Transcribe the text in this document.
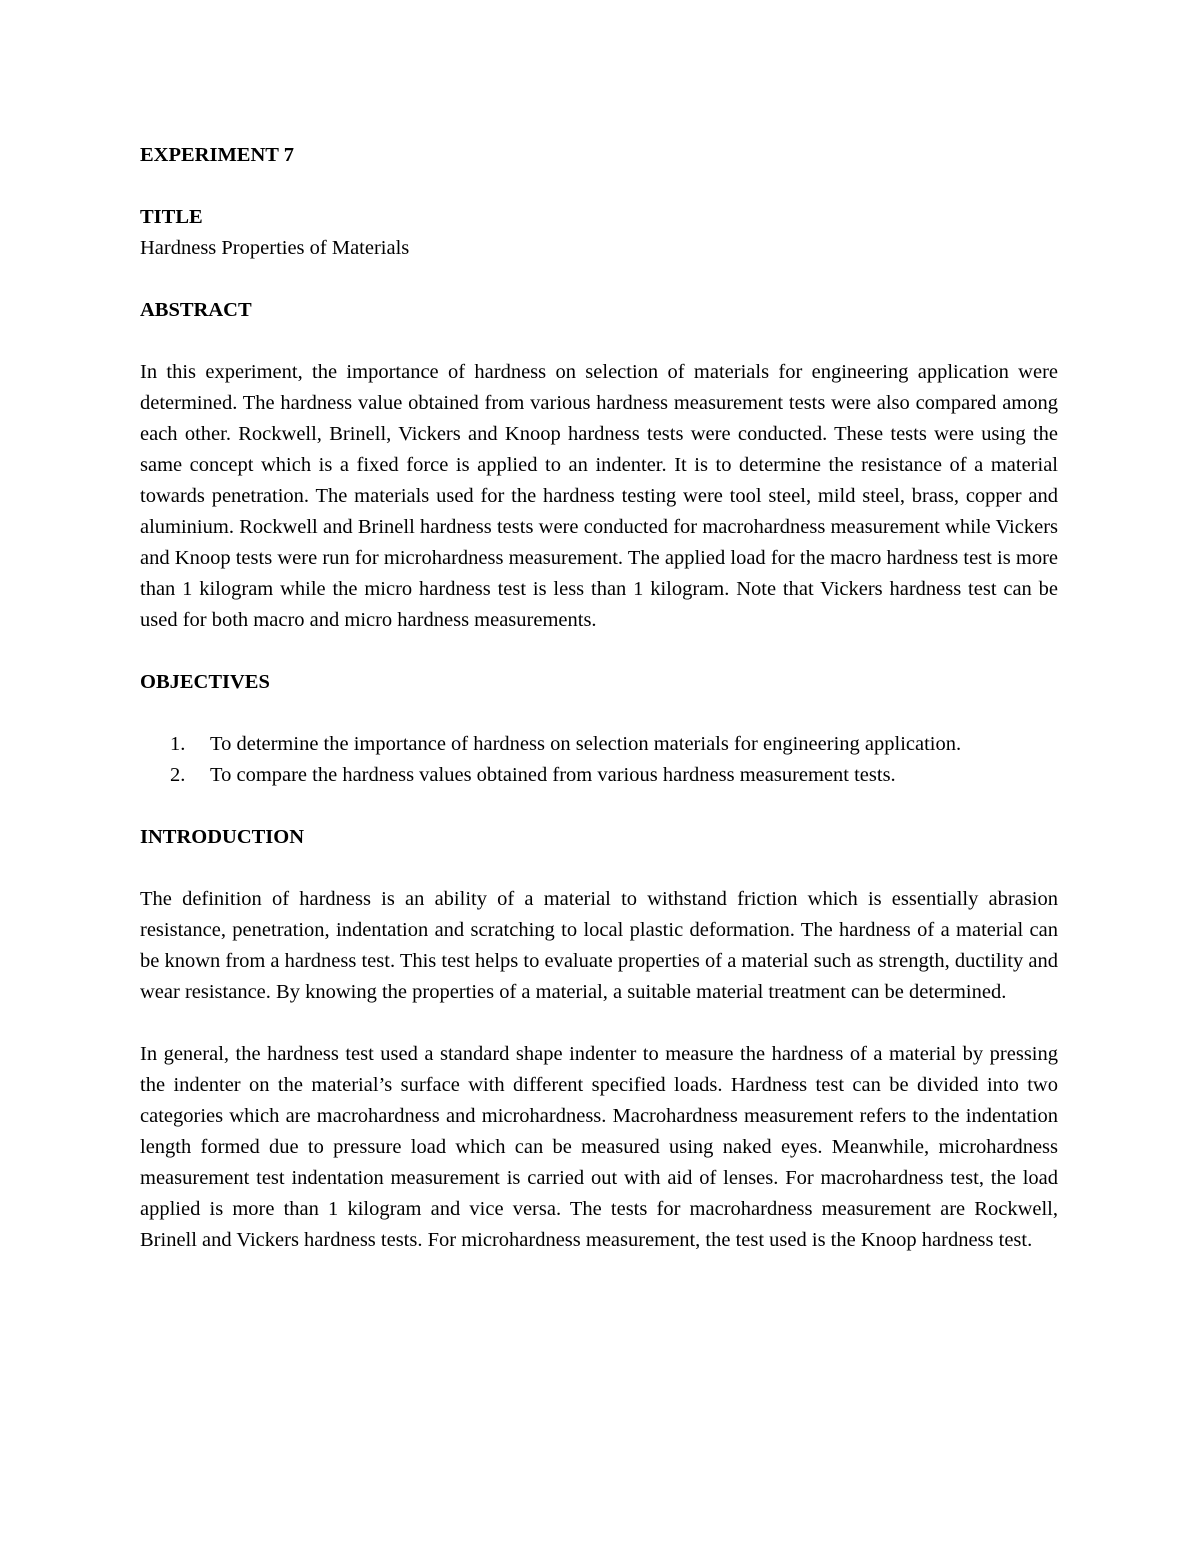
EXPERIMENT 7

TITLE

Hardness Properties of Materials

ABSTRACT

In this experiment, the importance of hardness on selection of materials for engineering application were determined. The hardness value obtained from various hardness measurement tests were also compared among each other. Rockwell, Brinell, Vickers and Knoop hardness tests were conducted. These tests were using the same concept which is a fixed force is applied to an indenter. It is to determine the resistance of a material towards penetration. The materials used for the hardness testing were tool steel, mild steel, brass, copper and aluminium. Rockwell and Brinell hardness tests were conducted for macrohardness measurement while Vickers and Knoop tests were run for microhardness measurement. The applied load for the macro hardness test is more than 1 kilogram while the micro hardness test is less than 1 kilogram. Note that Vickers hardness test can be used for both macro and micro hardness measurements.

OBJECTIVES

1. To determine the importance of hardness on selection materials for engineering application.
2. To compare the hardness values obtained from various hardness measurement tests.

INTRODUCTION

The definition of hardness is an ability of a material to withstand friction which is essentially abrasion resistance, penetration, indentation and scratching to local plastic deformation. The hardness of a material can be known from a hardness test. This test helps to evaluate properties of a material such as strength, ductility and wear resistance. By knowing the properties of a material, a suitable material treatment can be determined.

In general, the hardness test used a standard shape indenter to measure the hardness of a material by pressing the indenter on the material’s surface with different specified loads. Hardness test can be divided into two categories which are macrohardness and microhardness. Macrohardness measurement refers to the indentation length formed due to pressure load which can be measured using naked eyes. Meanwhile, microhardness measurement test indentation measurement is carried out with aid of lenses. For macrohardness test, the load applied is more than 1 kilogram and vice versa. The tests for macrohardness measurement are Rockwell, Brinell and Vickers hardness tests. For microhardness measurement, the test used is the Knoop hardness test.
